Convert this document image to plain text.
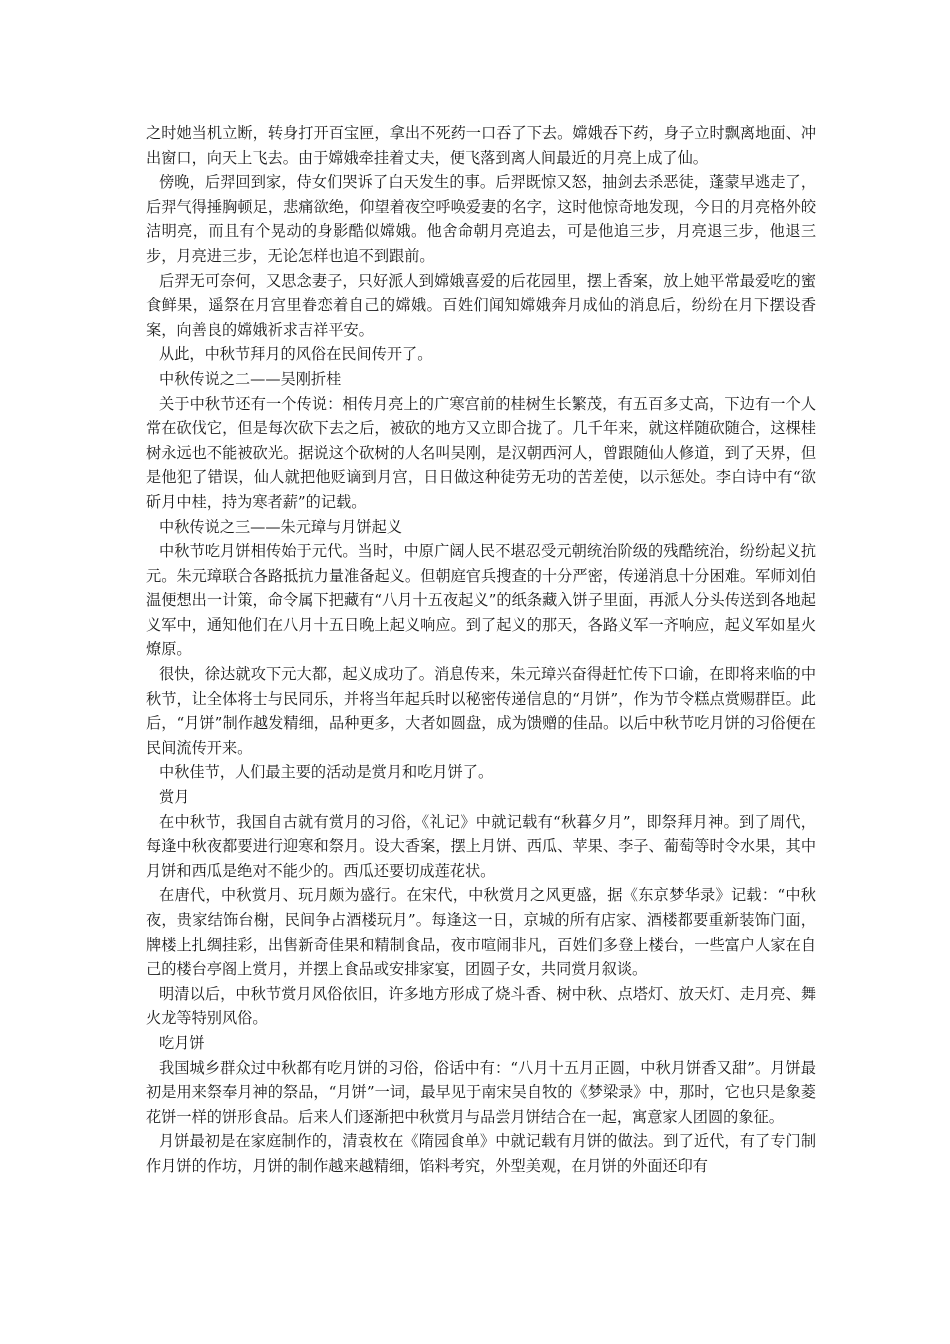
之时她当机立断，转身打开百宝匣，拿出不死药一口吞了下去。嫦娥吞下药，身子立时飘离地面、冲出窗口，向天上飞去。由于嫦娥牵挂着丈夫，便飞落到离人间最近的月亮上成了仙。

傍晚，后羿回到家，侍女们哭诉了白天发生的事。后羿既惊又怒，抽剑去杀恶徒，蓬蒙早逃走了，后羿气得捶胸顿足，悲痛欲绝，仰望着夜空呼唤爱妻的名字，这时他惊奇地发现，今日的月亮格外皎洁明亮，而且有个晃动的身影酷似嫦娥。他舍命朝月亮追去，可是他追三步，月亮退三步，他退三步，月亮进三步，无论怎样也追不到跟前。

后羿无可奈何，又思念妻子，只好派人到嫦娥喜爱的后花园里，摆上香案，放上她平常最爱吃的蜜食鲜果，遥祭在月宫里眷恋着自己的嫦娥。百姓们闻知嫦娥奔月成仙的消息后，纷纷在月下摆设香案，向善良的嫦娥祈求吉祥平安。

从此，中秋节拜月的风俗在民间传开了。

中秋传说之二——吴刚折桂

关于中秋节还有一个传说：相传月亮上的广寒宫前的桂树生长繁茂，有五百多丈高，下边有一个人常在砍伐它，但是每次砍下去之后，被砍的地方又立即合拢了。几千年来，就这样随砍随合，这棵桂树永远也不能被砍光。据说这个砍树的人名叫吴刚，是汉朝西河人，曾跟随仙人修道，到了天界，但是他犯了错误，仙人就把他贬谪到月宫，日日做这种徒劳无功的苦差使，以示惩处。李白诗中有“欲斫月中桂，持为寒者薪”的记载。

中秋传说之三——朱元璋与月饼起义

中秋节吃月饼相传始于元代。当时，中原广阔人民不堪忍受元朝统治阶级的残酷统治，纷纷起义抗元。朱元璋联合各路抵抗力量准备起义。但朝庭官兵搜查的十分严密，传递消息十分困难。军师刘伯温便想出一计策，命令属下把藏有“八月十五夜起义”的纸条藏入饼子里面，再派人分头传送到各地起义军中，通知他们在八月十五日晚上起义响应。到了起义的那天，各路义军一齐响应，起义军如星火燎原。

很快，徐达就攻下元大都，起义成功了。消息传来，朱元璋兴奋得赶忙传下口谕，在即将来临的中秋节，让全体将士与民同乐，并将当年起兵时以秘密传递信息的“月饼”，作为节令糕点赏赐群臣。此后，“月饼”制作越发精细，品种更多，大者如圆盘，成为馈赠的佳品。以后中秋节吃月饼的习俗便在民间流传开来。

中秋佳节，人们最主要的活动是赏月和吃月饼了。

赏月

在中秋节，我国自古就有赏月的习俗，《礼记》中就记载有“秋暮夕月”，即祭拜月神。到了周代，每逢中秋夜都要进行迎寒和祭月。设大香案，摆上月饼、西瓜、苹果、李子、葡萄等时令水果，其中月饼和西瓜是绝对不能少的。西瓜还要切成莲花状。

在唐代，中秋赏月、玩月颇为盛行。在宋代，中秋赏月之风更盛，据《东京梦华录》记载：“中秋夜，贵家结饰台榭，民间争占酒楼玩月”。每逢这一日，京城的所有店家、酒楼都要重新装饰门面， 牌楼上扎绸挂彩，出售新奇佳果和精制食品，夜市喧闹非凡，百姓们多登上楼台，一些富户人家在自己的楼台亭阁上赏月，并摆上食品或安排家宴，团圆子女，共同赏月叙谈。

明清以后，中秋节赏月风俗依旧，许多地方形成了烧斗香、树中秋、点塔灯、放天灯、走月亮、舞火龙等特别风俗。

吃月饼

我国城乡群众过中秋都有吃月饼的习俗，俗话中有：“八月十五月正圆，中秋月饼香又甜”。月饼最初是用来祭奉月神的祭品，“月饼”一词，最早见于南宋吴自牧的《梦梁录》中，那时，它也只是象菱花饼一样的饼形食品。后来人们逐渐把中秋赏月与品尝月饼结合在一起，寓意家人团圆的象征。

月饼最初是在家庭制作的，清袁枚在《隋园食单》中就记载有月饼的做法。到了近代，有了专门制作月饼的作坊，月饼的制作越来越精细，馅料考究，外型美观，在月饼的外面还印有
